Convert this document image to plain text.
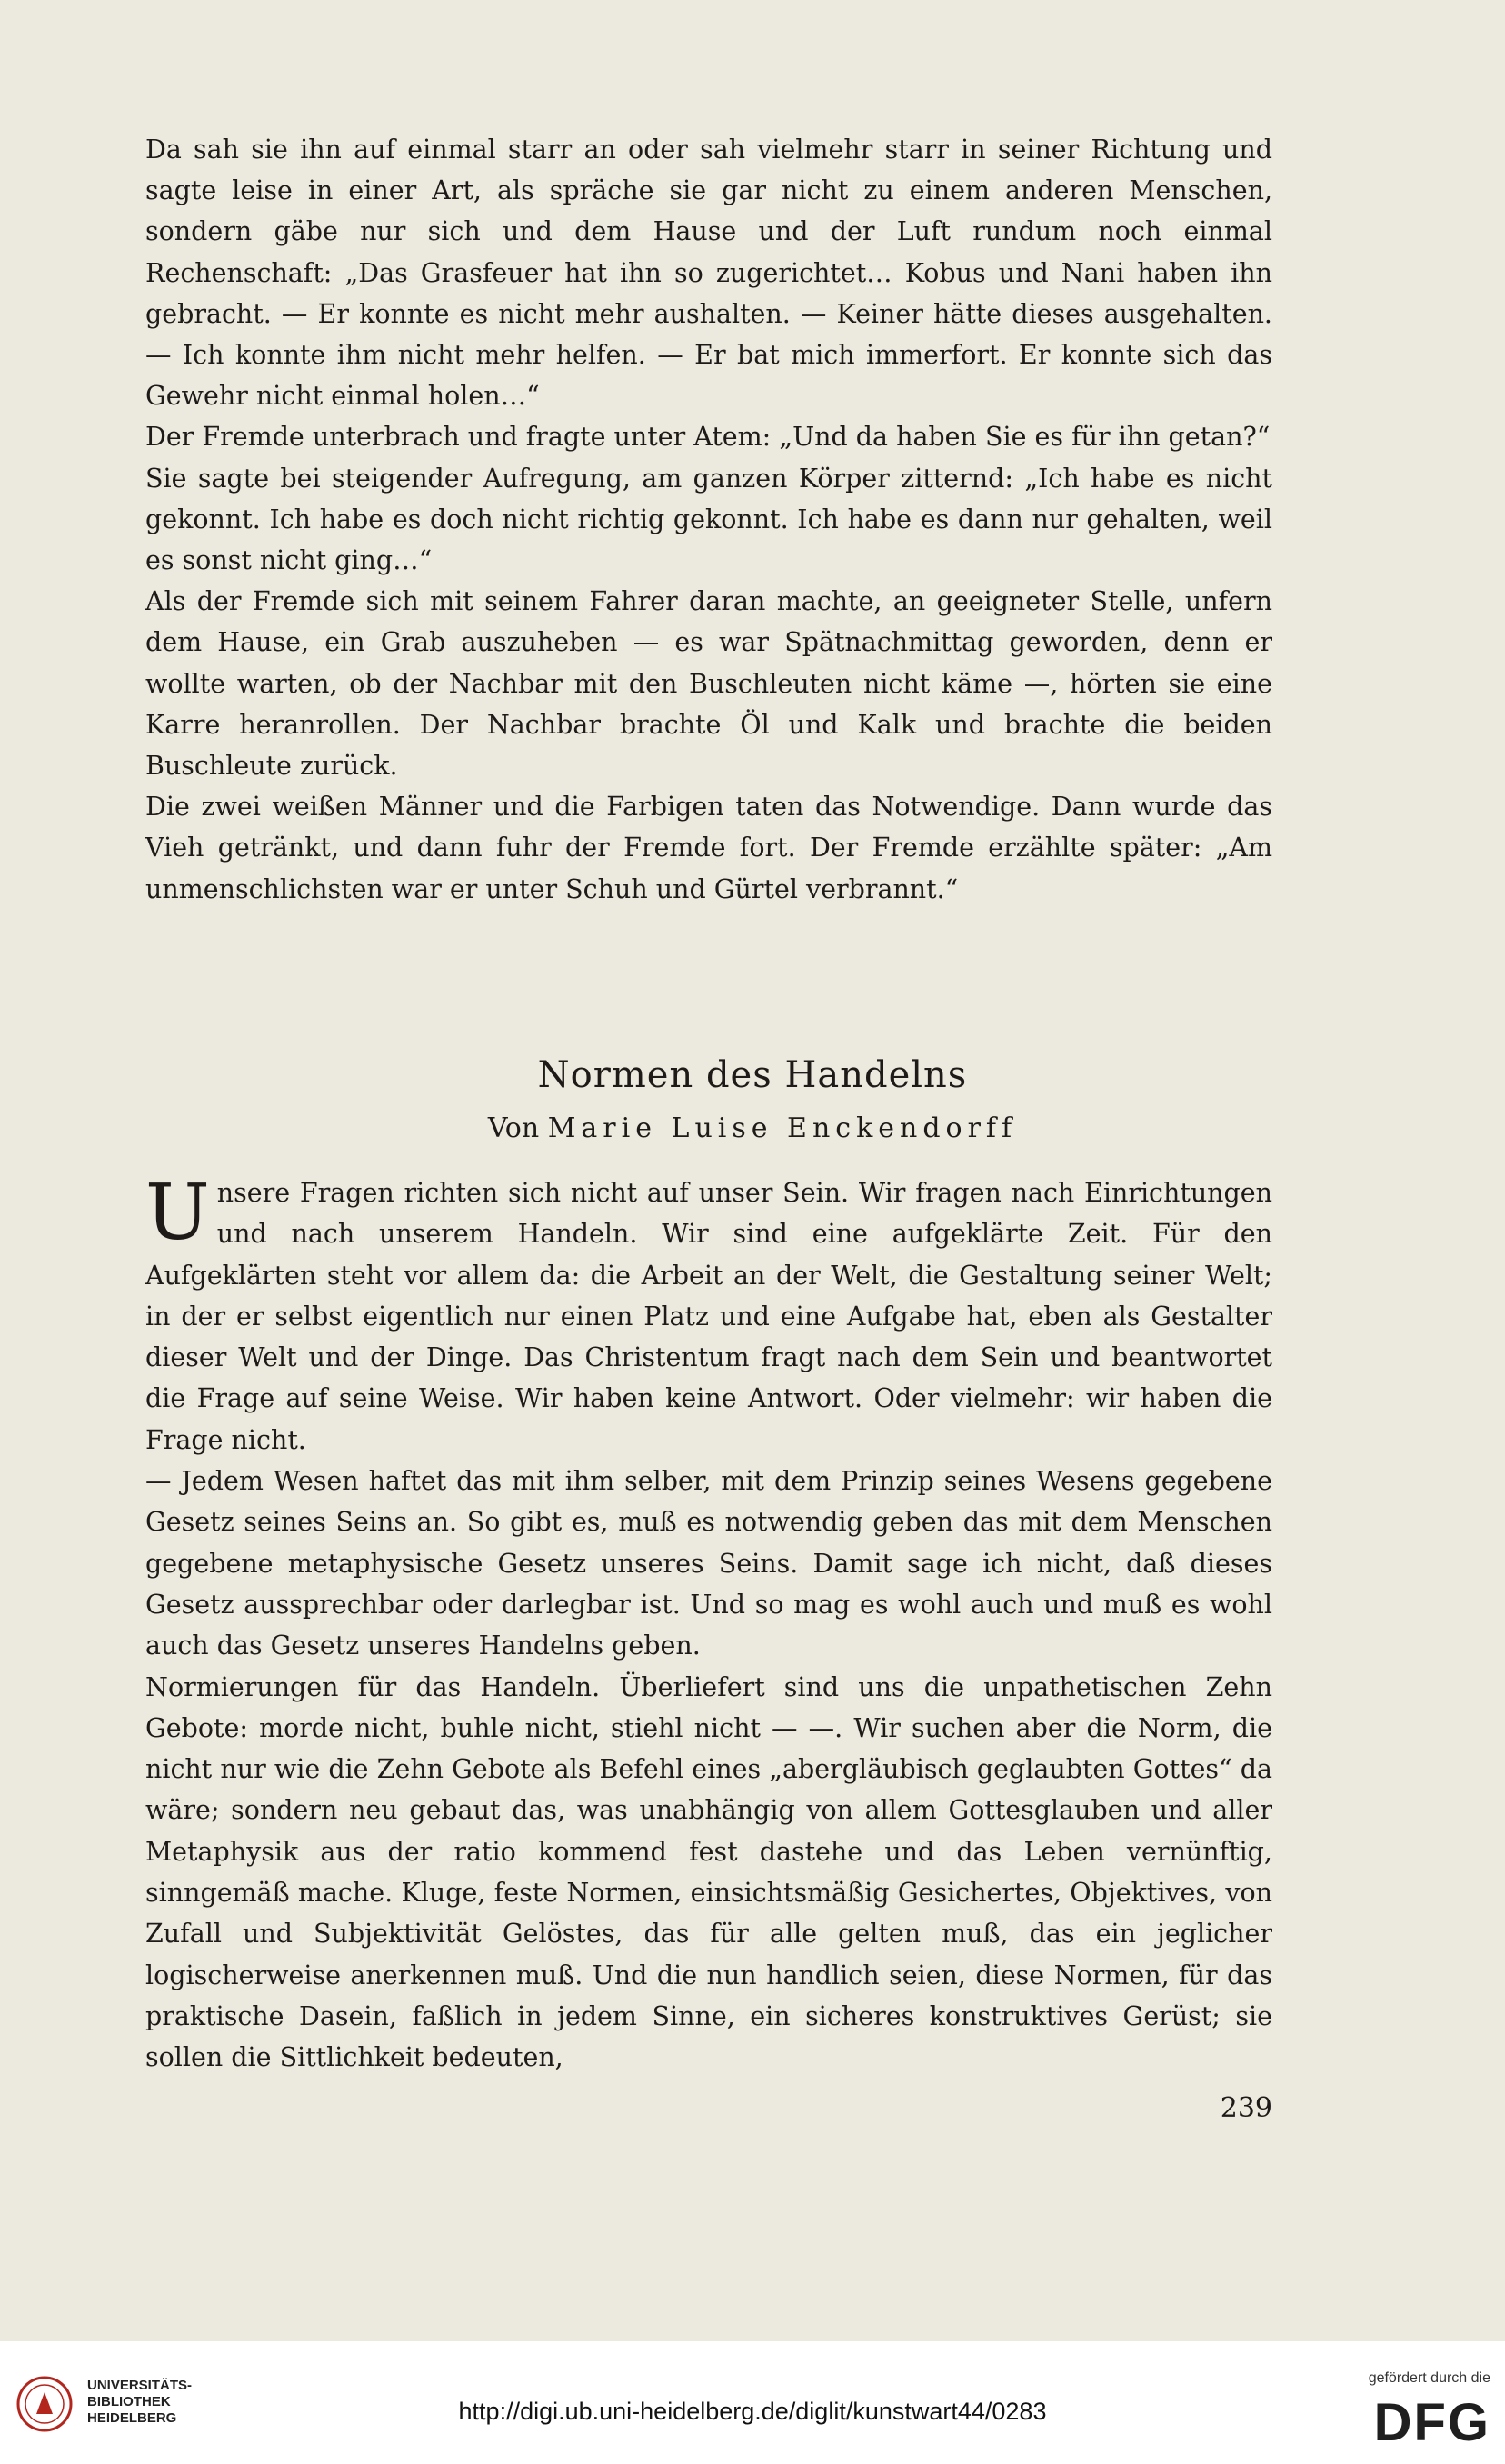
Da sah sie ihn auf einmal starr an oder sah vielmehr starr in seiner Richtung und sagte leise in einer Art, als spräche sie gar nicht zu einem anderen Menschen, sondern gäbe nur sich und dem Hause und der Luft rundum noch einmal Rechenschaft: „Das Grasfeuer hat ihn so zugerichtet… Kobus und Nani haben ihn gebracht. — Er konnte es nicht mehr aushalten. — Keiner hätte dieses ausgehalten. — Ich konnte ihm nicht mehr helfen. — Er bat mich immerfort. Er konnte sich das Gewehr nicht einmal holen…“

Der Fremde unterbrach und fragte unter Atem: „Und da haben Sie es für ihn getan?“

Sie sagte bei steigender Aufregung, am ganzen Körper zitternd: „Ich habe es nicht gekonnt. Ich habe es doch nicht richtig gekonnt. Ich habe es dann nur gehalten, weil es sonst nicht ging…“

Als der Fremde sich mit seinem Fahrer daran machte, an geeigneter Stelle, unfern dem Hause, ein Grab auszuheben — es war Spätnachmittag geworden, denn er wollte warten, ob der Nachbar mit den Buschleuten nicht käme —, hörten sie eine Karre heranrollen. Der Nachbar brachte Öl und Kalk und brachte die beiden Buschleute zurück.

Die zwei weißen Männer und die Farbigen taten das Notwendige. Dann wurde das Vieh getränkt, und dann fuhr der Fremde fort. Der Fremde erzählte später: „Am unmenschlichsten war er unter Schuh und Gürtel verbrannt.“

Normen des Handelns
Von Marie Luise Enckendorff

Unsere Fragen richten sich nicht auf unser Sein. Wir fragen nach Einrichtungen und nach unserem Handeln. Wir sind eine aufgeklärte Zeit. Für den Aufgeklärten steht vor allem da: die Arbeit an der Welt, die Gestaltung seiner Welt; in der er selbst eigentlich nur einen Platz und eine Aufgabe hat, eben als Gestalter dieser Welt und der Dinge. Das Christentum fragt nach dem Sein und beantwortet die Frage auf seine Weise. Wir haben keine Antwort. Oder vielmehr: wir haben die Frage nicht.

— Jedem Wesen haftet das mit ihm selber, mit dem Prinzip seines Wesens gegebene Gesetz seines Seins an. So gibt es, muß es notwendig geben das mit dem Menschen gegebene metaphysische Gesetz unseres Seins. Damit sage ich nicht, daß dieses Gesetz aussprechbar oder darlegbar ist. Und so mag es wohl auch und muß es wohl auch das Gesetz unseres Handelns geben.

Normierungen für das Handeln. Überliefert sind uns die unpathetischen Zehn Gebote: morde nicht, buhle nicht, stiehl nicht — —. Wir suchen aber die Norm, die nicht nur wie die Zehn Gebote als Befehl eines „abergläubisch geglaubten Gottes“ da wäre; sondern neu gebaut das, was unabhängig von allem Gottesglauben und aller Metaphysik aus der ratio kommend fest dastehe und das Leben vernünftig, sinngemäß mache. Kluge, feste Normen, einsichtsmäßig Gesichertes, Objektives, von Zufall und Subjektivität Gelöstes, das für alle gelten muß, das ein jeglicher logischerweise anerkennen muß. Und die nun handlich seien, diese Normen, für das praktische Dasein, faßlich in jedem Sinne, ein sicheres konstruktives Gerüst; sie sollen die Sittlichkeit bedeuten,

239
UNIVERSITÄTS-
BIBLIOTHEK
HEIDELBERG	http://digi.ub.uni-heidelberg.de/diglit/kunstwart44/0283
gefördert durch die
DFG
